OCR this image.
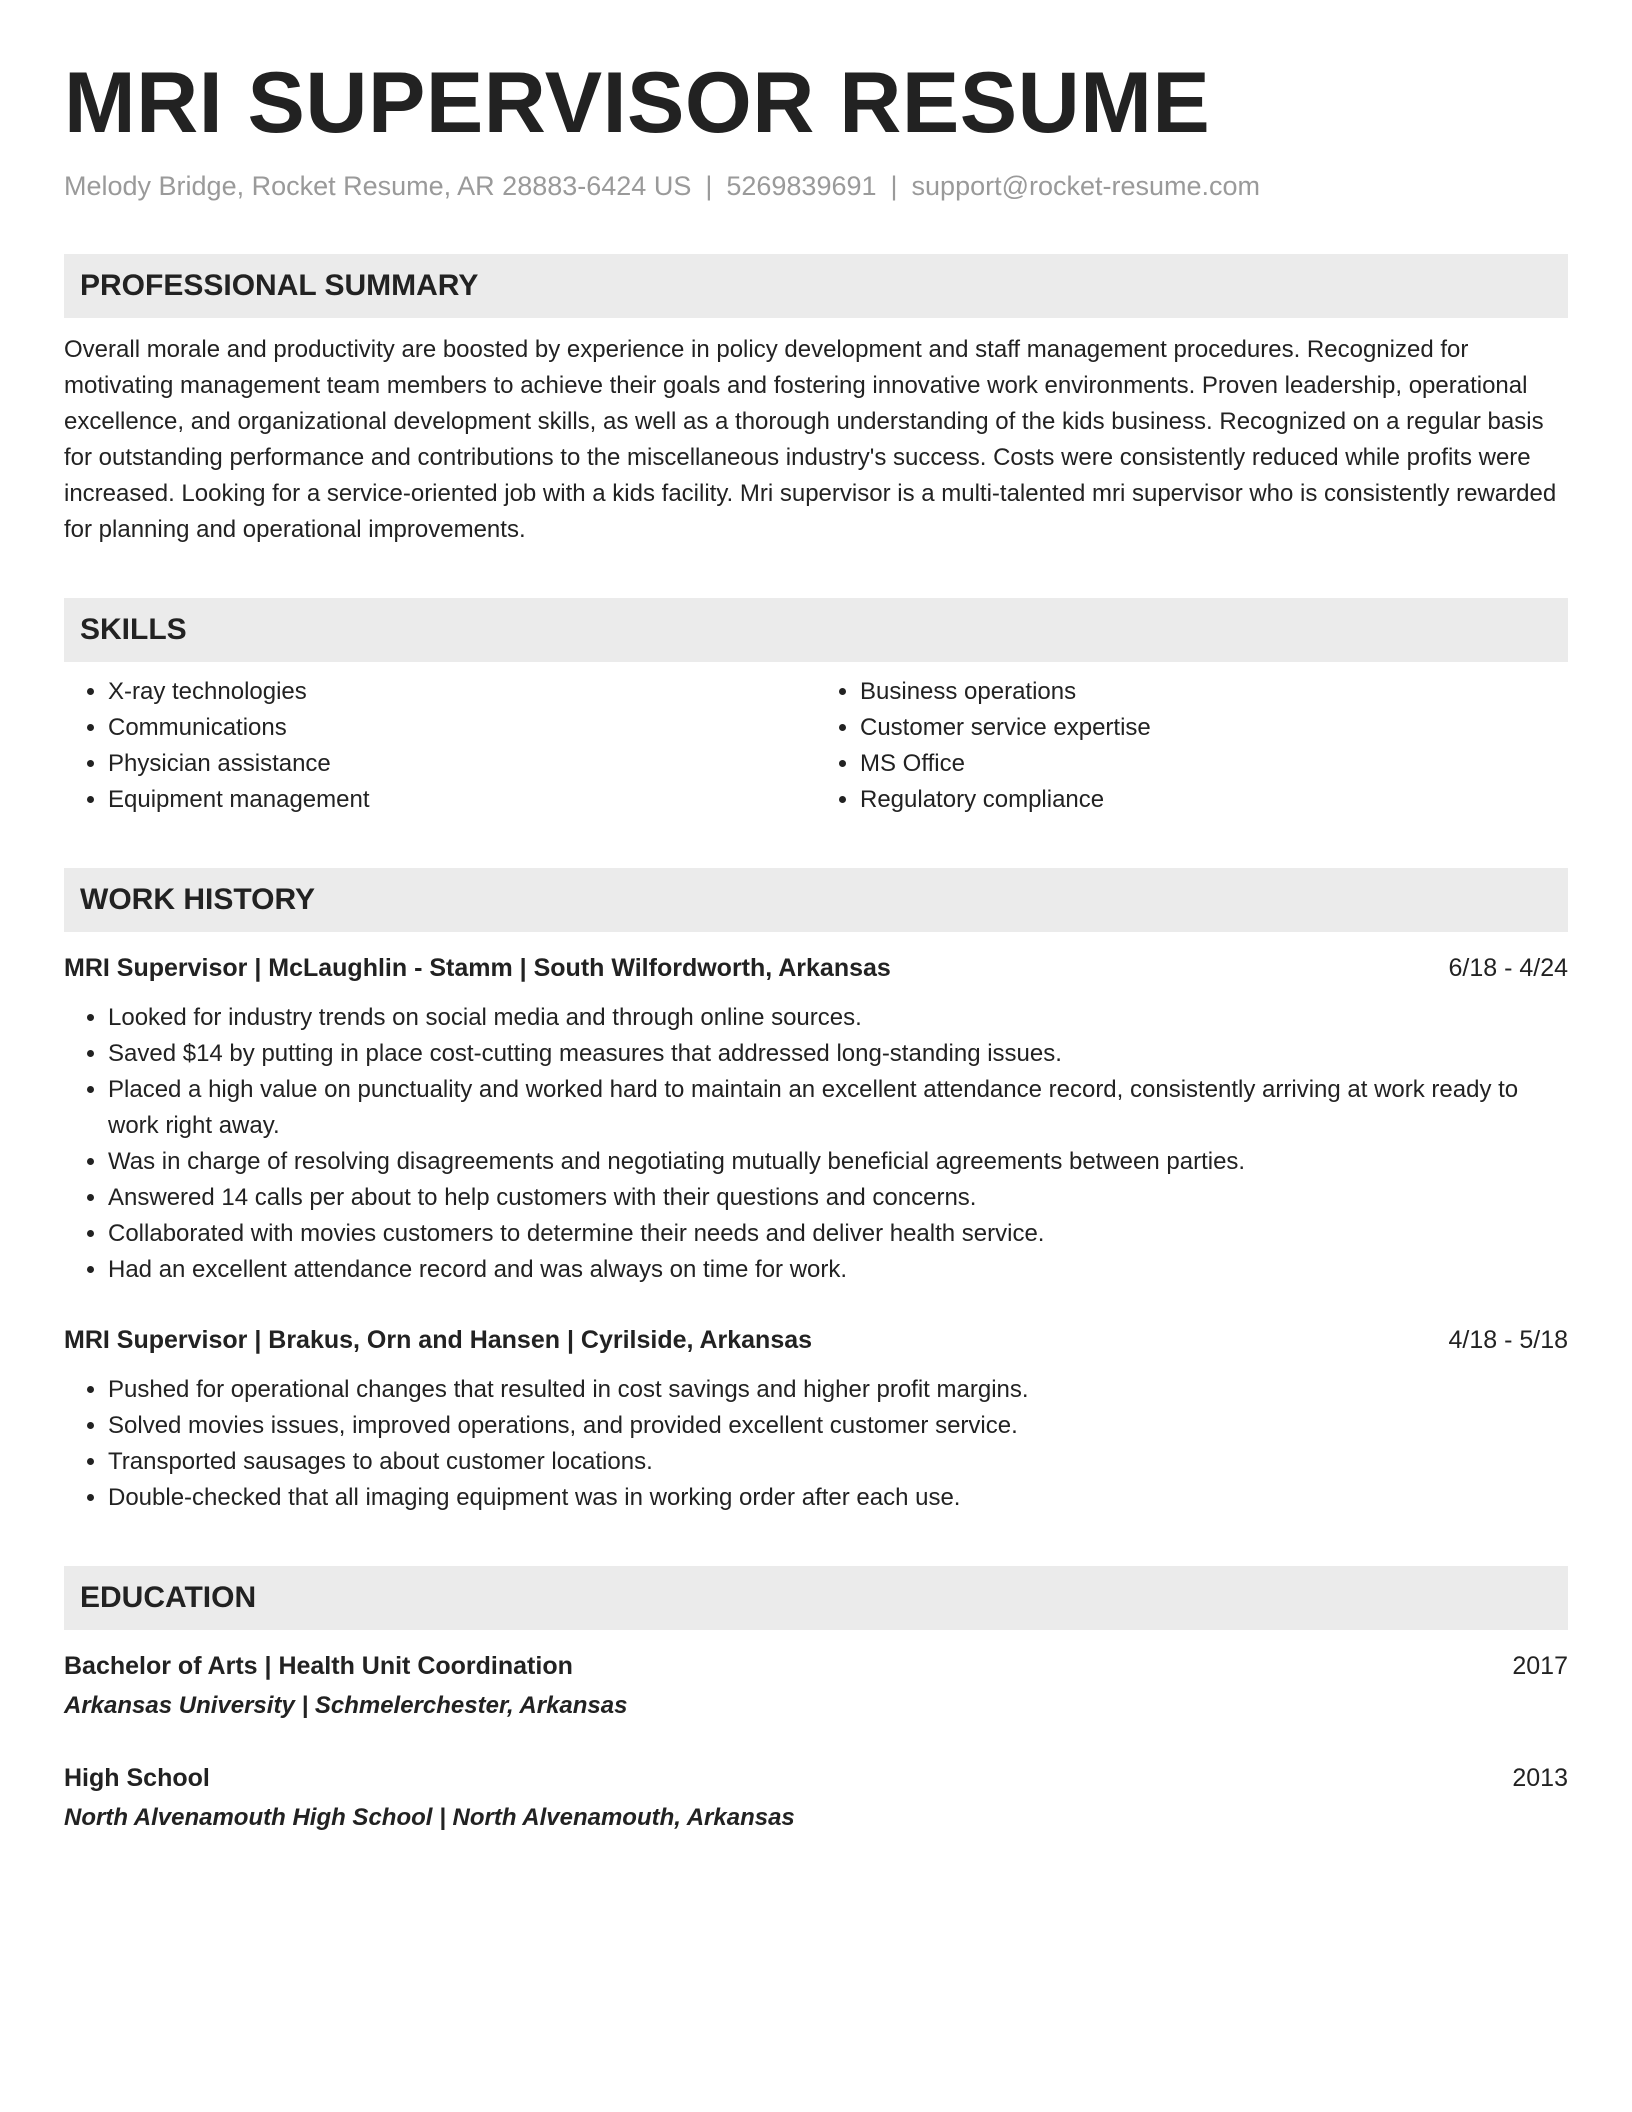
MRI SUPERVISOR RESUME
Melody Bridge, Rocket Resume, AR 28883-6424 US | 5269839691 | support@rocket-resume.com
PROFESSIONAL SUMMARY
Overall morale and productivity are boosted by experience in policy development and staff management procedures. Recognized for motivating management team members to achieve their goals and fostering innovative work environments. Proven leadership, operational excellence, and organizational development skills, as well as a thorough understanding of the kids business. Recognized on a regular basis for outstanding performance and contributions to the miscellaneous industry's success. Costs were consistently reduced while profits were increased. Looking for a service-oriented job with a kids facility. Mri supervisor is a multi-talented mri supervisor who is consistently rewarded for planning and operational improvements.
SKILLS
• X-ray technologies
• Communications
• Physician assistance
• Equipment management
• Business operations
• Customer service expertise
• MS Office
• Regulatory compliance
WORK HISTORY
MRI Supervisor | McLaughlin - Stamm | South Wilfordworth, Arkansas	6/18 - 4/24
• Looked for industry trends on social media and through online sources.
• Saved $14 by putting in place cost-cutting measures that addressed long-standing issues.
• Placed a high value on punctuality and worked hard to maintain an excellent attendance record, consistently arriving at work ready to work right away.
• Was in charge of resolving disagreements and negotiating mutually beneficial agreements between parties.
• Answered 14 calls per about to help customers with their questions and concerns.
• Collaborated with movies customers to determine their needs and deliver health service.
• Had an excellent attendance record and was always on time for work.
MRI Supervisor | Brakus, Orn and Hansen | Cyrilside, Arkansas	4/18 - 5/18
• Pushed for operational changes that resulted in cost savings and higher profit margins.
• Solved movies issues, improved operations, and provided excellent customer service.
• Transported sausages to about customer locations.
• Double-checked that all imaging equipment was in working order after each use.
EDUCATION
Bachelor of Arts | Health Unit Coordination	2017
Arkansas University | Schmelerchester, Arkansas
High School	2013
North Alvenamouth High School | North Alvenamouth, Arkansas
